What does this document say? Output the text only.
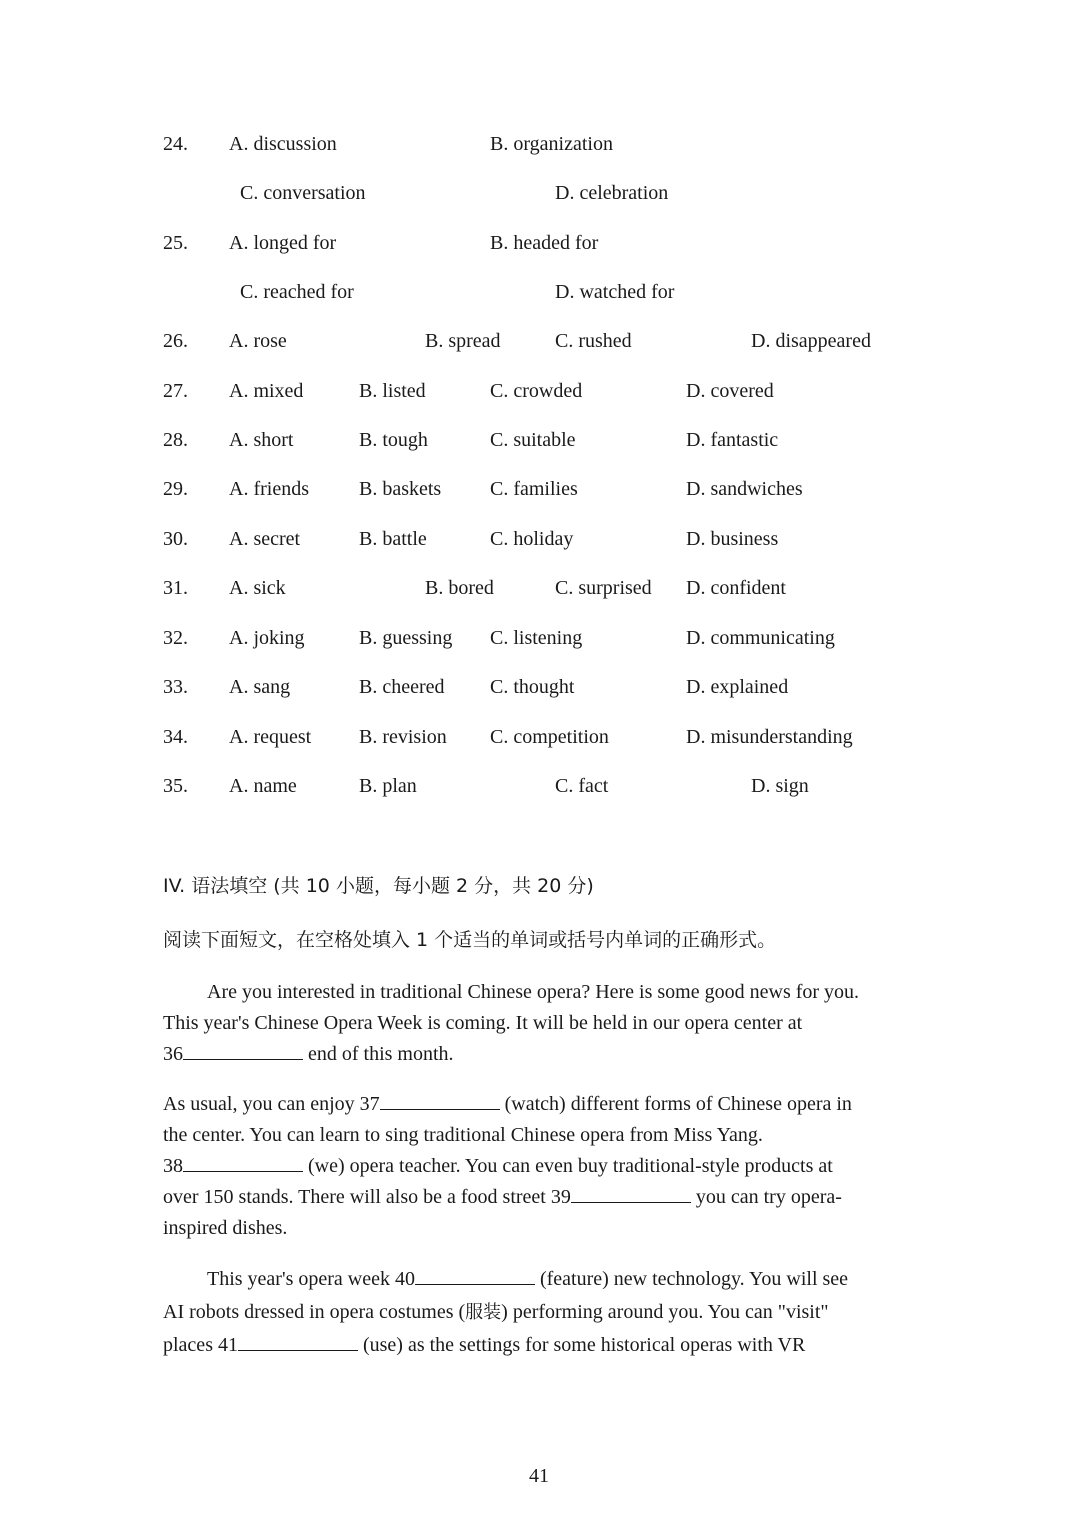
24. A. discussion	B. organization
C. conversation	D. celebration
25. A. longed for	B. headed for
C. reached for	D. watched for
26. A. rose	B. spread	C. rushed	D. disappeared
27. A. mixed	B. listed	C. crowded	D. covered
28. A. short	B. tough	C. suitable	D. fantastic
29. A. friends	B. baskets C. families	D. sandwiches
30. A. secret	B. battle	C. holiday	D. business
31. A. sick	B. bored	C. surprised D. confident
32. A. joking	B. guessing C. listening	D. communicating
33. A. sang	B. cheered C. thought	D. explained
34. A. request B. revision C. competition	D. misunderstanding
35. A. name	B. plan	C. fact	D. sign
IV. 语法填空 (共 10 小题，每小题 2 分，共 20 分)
阅读下面短文，在空格处填入 1 个适当的单词或括号内单词的正确形式。
Are you interested in traditional Chinese opera? Here is some good news for you.
This year's Chinese Opera Week is coming. It will be held in our opera center at
36	end of this month.
As usual, you can enjoy 37	(watch) different forms of Chinese opera in
the center. You can learn to sing traditional Chinese opera from Miss Yang.
38	(we) opera teacher. You can even buy traditional-style products at
over 150 stands. There will also be a food street 39	you can try opera-
inspired dishes.
This year's opera week 40	(feature) new technology. You will see
AI robots dressed in opera costumes (服装) performing around you. You can "visit"
places 41	(use) as the settings for some historical operas with VR
41
